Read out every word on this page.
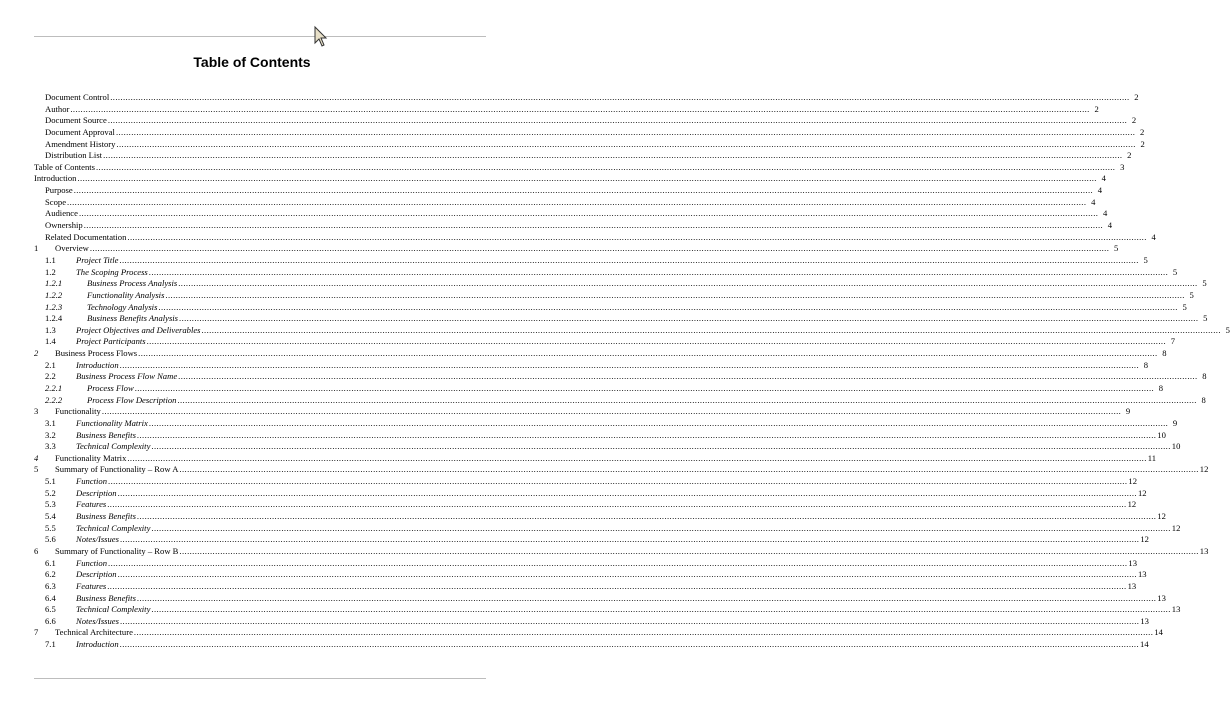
Table of Contents
Document Control ................................................................................................................................................................................................................................................................................................................................................................................................................ 2
Author ................................................................................................................................................................................................................................................................................................................................................................................................................ 2
Document Source ................................................................................................................................................................................................................................................................................................................................................................................................................ 2
Document Approval ................................................................................................................................................................................................................................................................................................................................................................................................................ 2
Amendment History ................................................................................................................................................................................................................................................................................................................................................................................................................ 2
Distribution List ................................................................................................................................................................................................................................................................................................................................................................................................................ 2
Table of Contents ................................................................................................................................................................................................................................................................................................................................................................................................................ 3
Introduction ................................................................................................................................................................................................................................................................................................................................................................................................................ 4
Purpose ................................................................................................................................................................................................................................................................................................................................................................................................................ 4
Scope ................................................................................................................................................................................................................................................................................................................................................................................................................ 4
Audience ................................................................................................................................................................................................................................................................................................................................................................................................................ 4
Ownership ................................................................................................................................................................................................................................................................................................................................................................................................................ 4
Related Documentation ................................................................................................................................................................................................................................................................................................................................................................................................................ 4
1	Overview ................................................................................................................................................................................................................................................................................................................................................................................................................ 5
1.1	Project Title ................................................................................................................................................................................................................................................................................................................................................................................................................ 5
1.2	The Scoping Process ................................................................................................................................................................................................................................................................................................................................................................................................................ 5
1.2.1	Business Process Analysis ................................................................................................................................................................................................................................................................................................................................................................................................................ 5
1.2.2	Functionality Analysis ................................................................................................................................................................................................................................................................................................................................................................................................................ 5
1.2.3	Technology Analysis ................................................................................................................................................................................................................................................................................................................................................................................................................ 5
1.2.4	Business Benefits Analysis ................................................................................................................................................................................................................................................................................................................................................................................................................ 5
1.3	Project Objectives and Deliverables ................................................................................................................................................................................................................................................................................................................................................................................................................ 5
1.4	Project Participants ................................................................................................................................................................................................................................................................................................................................................................................................................ 7
2	Business Process Flows ................................................................................................................................................................................................................................................................................................................................................................................................................ 8
2.1	Introduction ................................................................................................................................................................................................................................................................................................................................................................................................................ 8
2.2	Business Process Flow Name ................................................................................................................................................................................................................................................................................................................................................................................................................ 8
2.2.1	Process Flow ................................................................................................................................................................................................................................................................................................................................................................................................................ 8
2.2.2	Process Flow Description ................................................................................................................................................................................................................................................................................................................................................................................................................ 8
3	Functionality ................................................................................................................................................................................................................................................................................................................................................................................................................ 9
3.1	Functionality Matrix ................................................................................................................................................................................................................................................................................................................................................................................................................ 9
3.2	Business Benefits ................................................................................................................................................................................................................................................................................................................................................................................................................ 10
3.3	Technical Complexity ................................................................................................................................................................................................................................................................................................................................................................................................................ 10
4	Functionality Matrix ................................................................................................................................................................................................................................................................................................................................................................................................................ 11
5	Summary of Functionality – Row A ................................................................................................................................................................................................................................................................................................................................................................................................................ 12
5.1	Function ................................................................................................................................................................................................................................................................................................................................................................................................................ 12
5.2	Description ................................................................................................................................................................................................................................................................................................................................................................................................................ 12
5.3	Features ................................................................................................................................................................................................................................................................................................................................................................................................................ 12
5.4	Business Benefits ................................................................................................................................................................................................................................................................................................................................................................................................................ 12
5.5	Technical Complexity ................................................................................................................................................................................................................................................................................................................................................................................................................ 12
5.6	Notes/Issues ................................................................................................................................................................................................................................................................................................................................................................................................................ 12
6	Summary of Functionality – Row B ................................................................................................................................................................................................................................................................................................................................................................................................................ 13
6.1	Function ................................................................................................................................................................................................................................................................................................................................................................................................................ 13
6.2	Description ................................................................................................................................................................................................................................................................................................................................................................................................................ 13
6.3	Features ................................................................................................................................................................................................................................................................................................................................................................................................................ 13
6.4	Business Benefits ................................................................................................................................................................................................................................................................................................................................................................................................................ 13
6.5	Technical Complexity ................................................................................................................................................................................................................................................................................................................................................................................................................ 13
6.6	Notes/Issues ................................................................................................................................................................................................................................................................................................................................................................................................................ 13
7	Technical Architecture ................................................................................................................................................................................................................................................................................................................................................................................................................ 14
7.1	Introduction ................................................................................................................................................................................................................................................................................................................................................................................................................ 14
